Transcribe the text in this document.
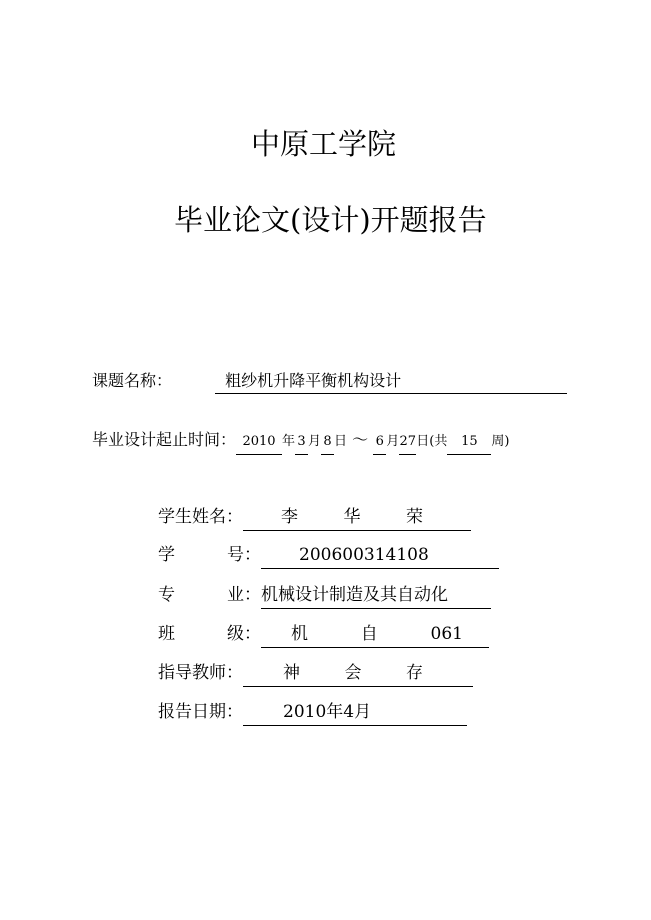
中原工学院
毕业论文(设计)开题报告
课题名称：	粗纱机升降平衡机构设计
毕业设计起止时间： 2010 年 3 月 8 日 ～ 6 月27日(共 15 周)
学生姓名： 李	华	荣
学	号 ： 200600314108
专	业 ：机械设计制造及其自动化
班	级 ： 机	自	061
指导教师： 神	会	存
报告日期： 2010年4月
